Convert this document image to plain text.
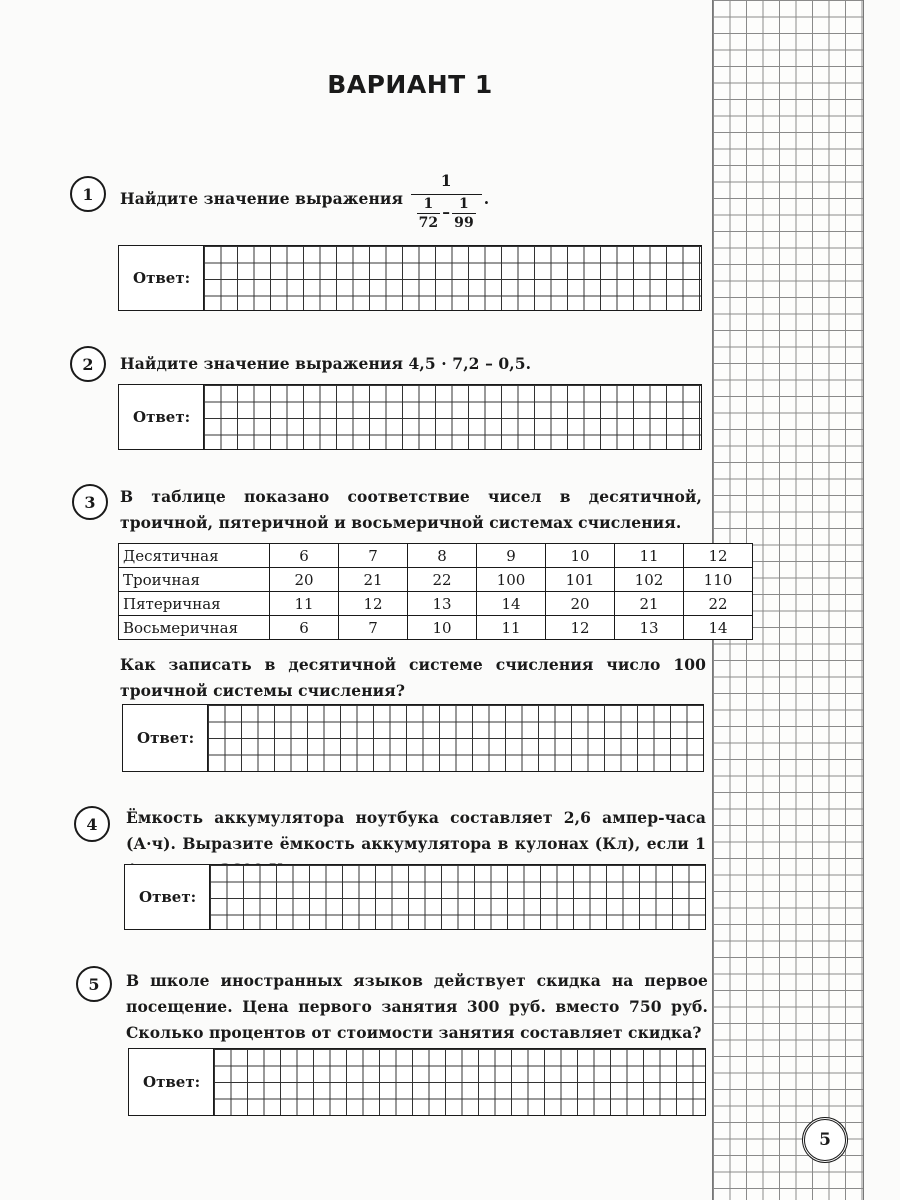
ВАРИАНТ 1
1	Найдите значение выражения $\frac{1}{\frac{1}{72} - \frac{1}{99}}$ .
Ответ:
2	Найдите значение выражения 4,5 · 7,2 – 0,5.
Ответ:
3	В таблице показано соответствие чисел в десятичной, троичной, пятеричной и восьмеричной системах счисления.
Десятичная	6	7	8	9	10	11	12
Троичная	20	21	22	100	101	102	110
Пятеричная	11	12	13	14	20	21	22
Восьмеричная	6	7	10	11	12	13	14
Как записать в десятичной системе счисления число 100 троичной системы счисления?
Ответ:
4	Ёмкость аккумулятора ноутбука составляет 2,6 ампер-часа (А·ч). Выразите ёмкость аккумулятора в кулонах (Кл), если 1
Ответ:
5	В школе иностранных языков действует скидка на первое посещение. Цена первого занятия 300 руб. вместо 750 руб. Сколько процентов от стоимости занятия составляет скидка?
Ответ:
5
